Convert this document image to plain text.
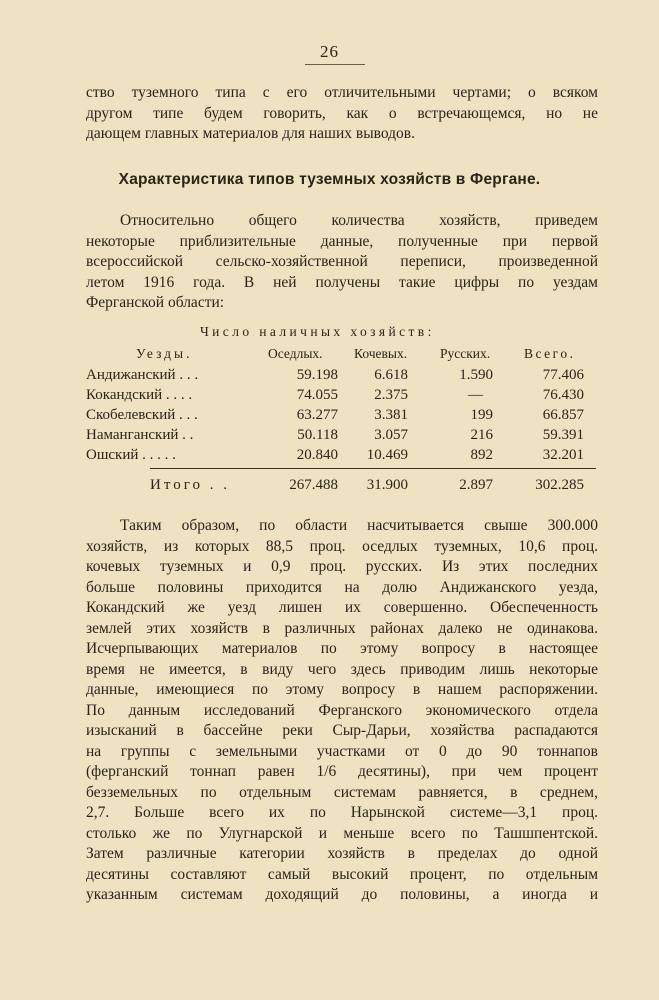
26
ство туземного типа с его отличительными чертами; о всяком
другом типе будем говорить, как о встречающемся, но не
дающем главных материалов для наших выводов.
Характеристика типов туземных хозяйств в Фергане.
Относительно общего количества хозяйств, приведем
некоторые приблизительные данные, полученные при первой
всероссийской сельско-хозяйственной переписи, произведенной
летом 1916 года. В ней получены такие цифры по уездам
Ферганской области:
Число наличных хозяйств:
Уезды.	Оседлых. Кочевых. Русских.	Всего.
Андижанский . . .	59.198	6.618	1.590	77.406
Кокандский . . . .	74.055	2.375	—	76.430
Скобелевский . . .	63.277	3.381	199	66.857
Наманганский . .	50.118	3.057	216	59.391
Ошский . . . . .	20.840	10.469	892	32.201
Итого . .	267.488	31.900	2.897	302.285
Таким образом, по области насчитывается свыше 300.000
хозяйств, из которых 88,5 проц. оседлых туземных, 10,6 проц.
кочевых туземных и 0,9 проц. русских. Из этих последних
больше половины приходится на долю Андижанского уезда,
Кокандский же уезд лишен их совершенно. Обеспеченность
землей этих хозяйств в различных районах далеко не одинакова.
Исчерпывающих материалов по этому вопросу в настоящее
время не имеется, в виду чего здесь приводим лишь некоторые
данные, имеющиеся по этому вопросу в нашем распоряжении.
По данным исследований Ферганского экономического отдела
изысканий в бассейне реки Сыр-Дарьи, хозяйства распадаются
на группы с земельными участками от 0 до 90 тоннапов
(ферганский тоннап равен 1/6 десятины), при чем процент
безземельных по отдельным системам равняется, в среднем,
2,7. Больше всего их по Нарынской системе—3,1 проц.
столько же по Улугнарской и меньше всего по Ташшпентской.
Затем различные категории хозяйств в пределах до одной
десятины составляют самый высокий процент, по отдельным
указанным системам доходящий до половины, а иногда и
